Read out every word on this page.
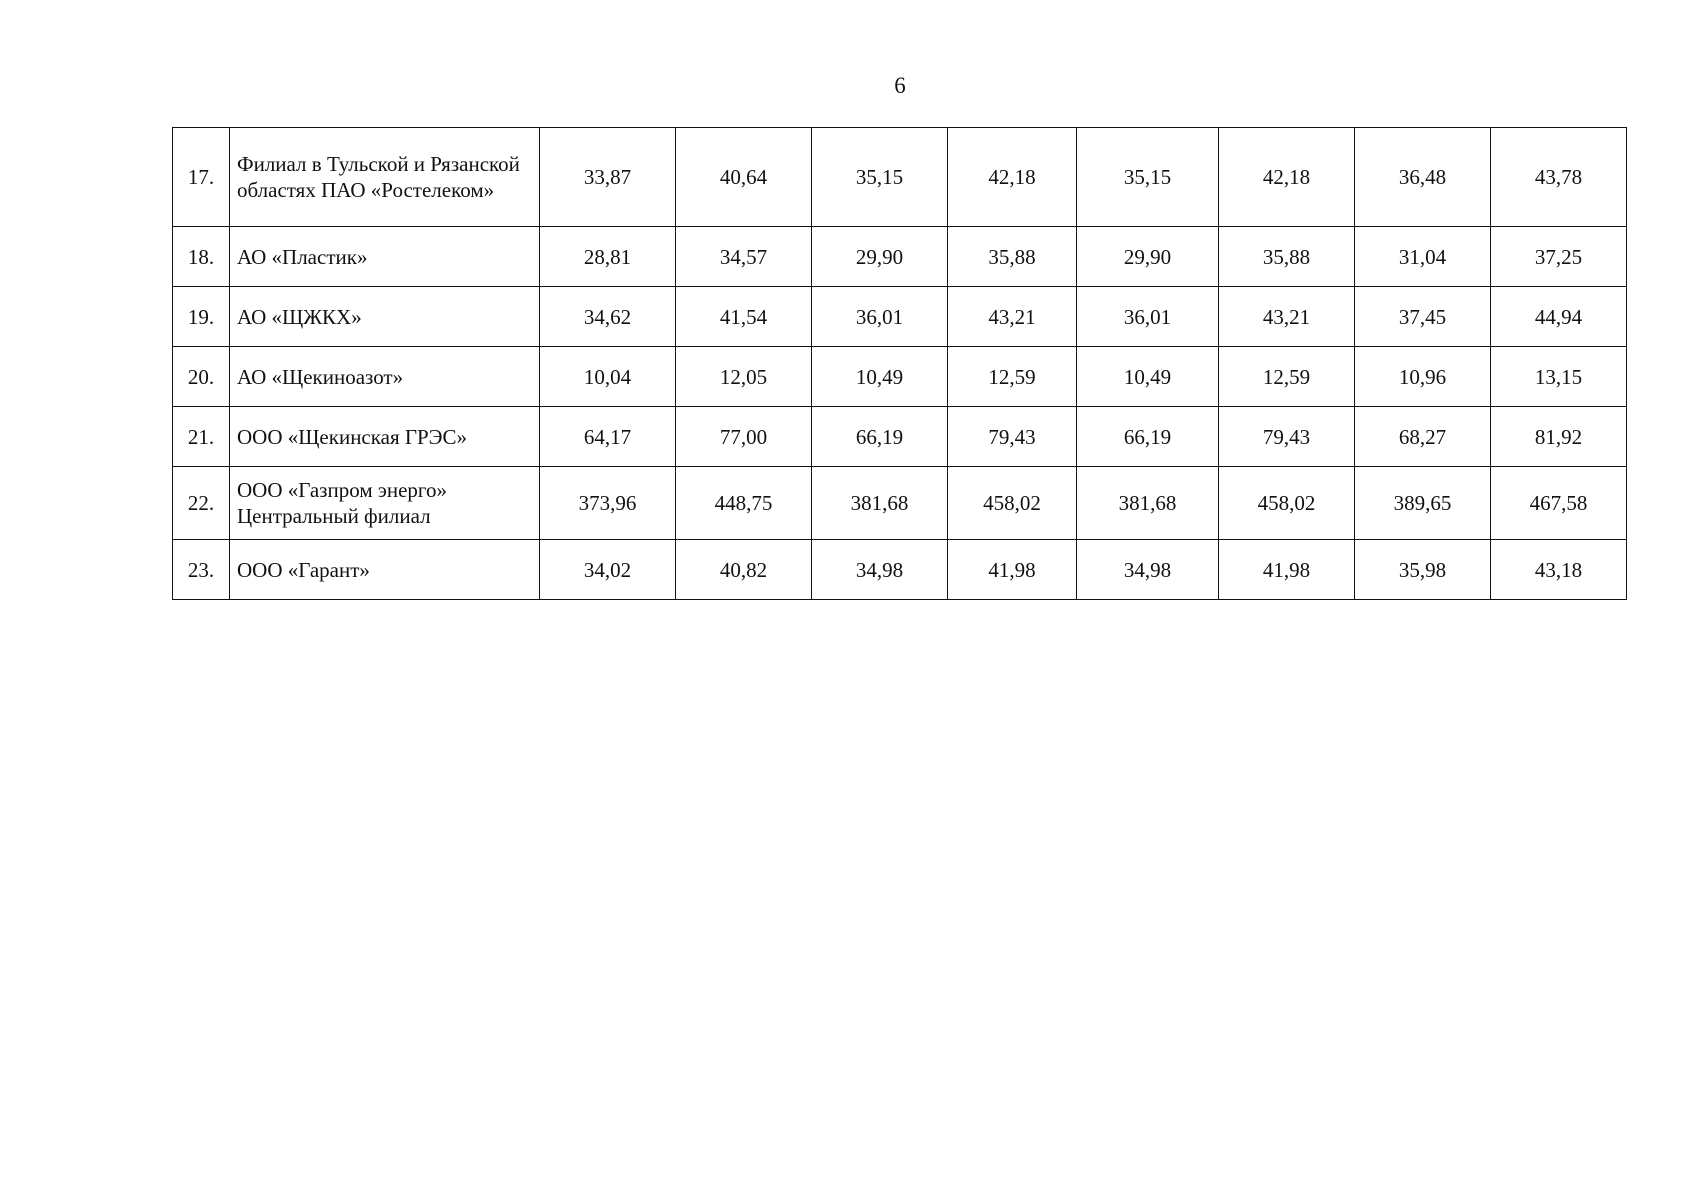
6
17.	Филиал в Тульской и Рязанской областях ПАО «Ростелеком»	33,87	40,64	35,15	42,18	35,15	42,18	36,48	43,78
18.	АО «Пластик»	28,81	34,57	29,90	35,88	29,90	35,88	31,04	37,25
19.	АО «ЩЖКХ»	34,62	41,54	36,01	43,21	36,01	43,21	37,45	44,94
20.	АО «Щекиноазот»	10,04	12,05	10,49	12,59	10,49	12,59	10,96	13,15
21.	ООО «Щекинская ГРЭС»	64,17	77,00	66,19	79,43	66,19	79,43	68,27	81,92
22.	ООО «Газпром энерго» Центральный филиал	373,96	448,75	381,68	458,02	381,68	458,02	389,65	467,58
23.	ООО «Гарант»	34,02	40,82	34,98	41,98	34,98	41,98	35,98	43,18
